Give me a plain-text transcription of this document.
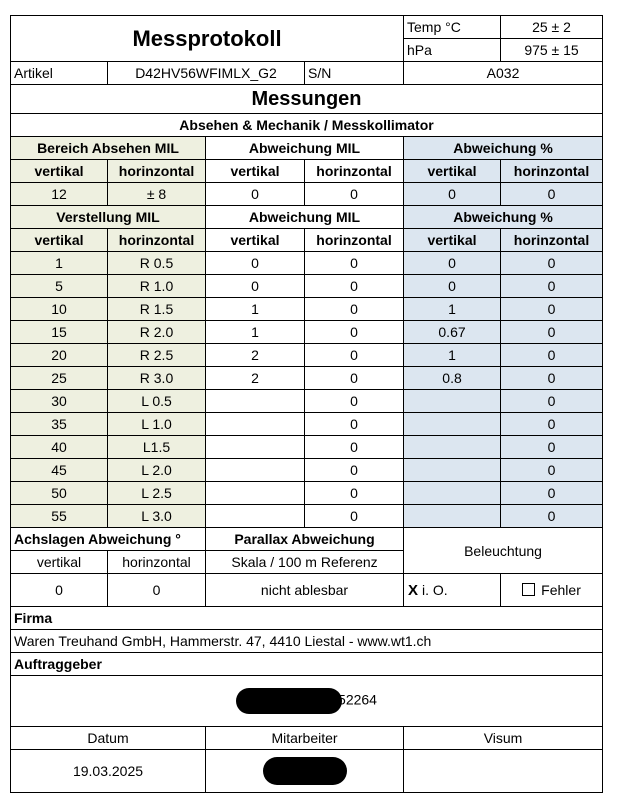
Messprotokoll				Temp °C	25 ± 2
				hPa	975 ± 15
Artikel	D42HV56WFIMLX_G2		S/N	A032	
Messungen					
Absehen & Mechanik / Messkollimator					
Bereich Absehen MIL		Abweichung MIL		Abweichung %	
vertikal	horinzontal	vertikal	horinzontal	vertikal	horinzontal
12	± 8	0	0	0	0
Verstellung MIL		Abweichung MIL		Abweichung %	
vertikal	horinzontal	vertikal	horinzontal	vertikal	horinzontal
1	R 0.5	0	0	0	0
5	R 1.0	0	0	0	0
10	R 1.5	1	0	1	0
15	R 2.0	1	0	0.67	0
20	R 2.5	2	0	1	0
25	R 3.0	2	0	0.8	0
30	L 0.5		0		0
35	L 1.0		0		0
40	L1.5		0		0
45	L 2.0		0		0
50	L 2.5		0		0
55	L 3.0		0		0
Achslagen Abweichung °		Parallax Abweichung		Beleuchtung	
vertikal	horinzontal	Skala / 100 m Referenz			
0	0	nicht ablesbar		X i. O.	Fehler
Firma					
Waren Treuhand GmbH, Hammerstr. 47, 4410 Liestal - www.wt1.ch					
Auftraggeber					
52264					
Datum		Mitarbeiter		Visum	
19.03.2025					
